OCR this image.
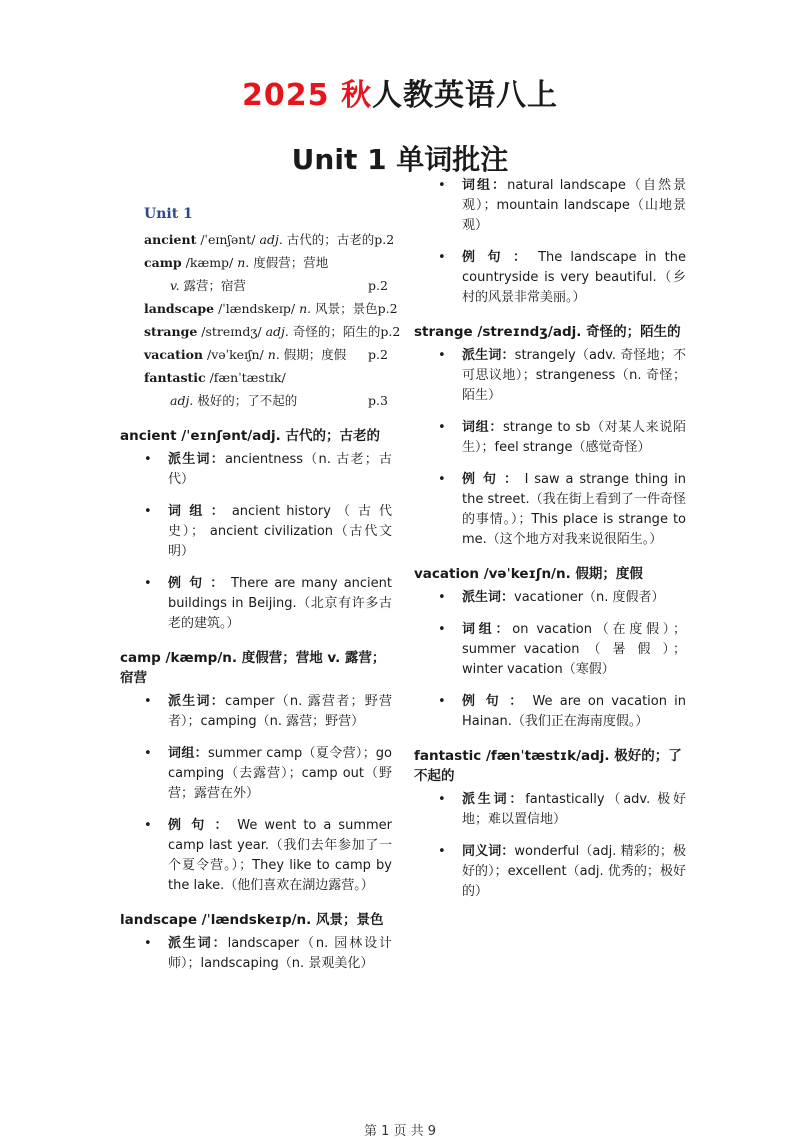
2025 秋人教英语八上
Unit 1 单词批注
Unit 1
ancient /ˈeɪnʃənt/ adj. 古代的；古老的 p.2
camp /kæmp/ n. 度假营；营地
v. 露营；宿营	p.2
landscape /ˈlændskeɪp/ n. 风景；景色 p.2
strange /streɪndʒ/ adj. 奇怪的；陌生的 p.2
vacation /vəˈkeɪʃn/ n. 假期；度假	p.2
fantastic /fænˈtæstɪk/
adj. 极好的；了不起的	p.3
ancient /ˈeɪnʃənt/adj. 古代的；古老的
• 派生词：ancientness（n. 古老；古代）
• 词 组 ： ancient history （ 古 代 史）； ancient civilization（古代文明）
• 例 句 ： There are many ancient buildings in Beijing.（北京有许多古老的建筑。）
camp /kæmp/n. 度假营；营地 v. 露营；宿营
• 派生词：camper（n. 露营者；野营者）；camping（n. 露营；野营）
• 词组：summer camp（夏令营）；go camping（去露营）；camp out（野营；露营在外）
• 例 句 ： We went to a summer camp last year.（我们去年参加了一个夏令营。）；They like to camp by the lake.（他们喜欢在湖边露营。）
landscape /ˈlændskeɪp/n. 风景；景色
• 派生词：landscaper（n. 园林设计师）；landscaping（n. 景观美化）
• 词组：natural landscape（自然景观）；mountain landscape（山地景观）
• 例 句 ： The landscape in the countryside is very beautiful.（乡村的风景非常美丽。）
strange /streɪndʒ/adj. 奇怪的；陌生的
• 派生词：strangely（adv. 奇怪地；不可思议地）；strangeness（n. 奇怪；陌生）
• 词组：strange to sb（对某人来说陌生）；feel strange（感觉奇怪）
• 例 句 ： I saw a strange thing in the street.（我在街上看到了一件奇怪的事情。）；This place is strange to me.（这个地方对我来说很陌生。）
vacation /vəˈkeɪʃn/n. 假期；度假
• 派生词：vacationer（n. 度假者）
• 词组：on vacation（在度假）；summer vacation （ 暑 假 ）；winter vacation（寒假）
• 例 句 ： We are on vacation in Hainan.（我们正在海南度假。）
fantastic /fænˈtæstɪk/adj. 极好的；了不起的
• 派生词：fantastically（adv. 极好地；难以置信地）
• 同义词：wonderful（adj. 精彩的；极好的）；excellent（adj. 优秀的；极好的）
第 1 页 共 9
